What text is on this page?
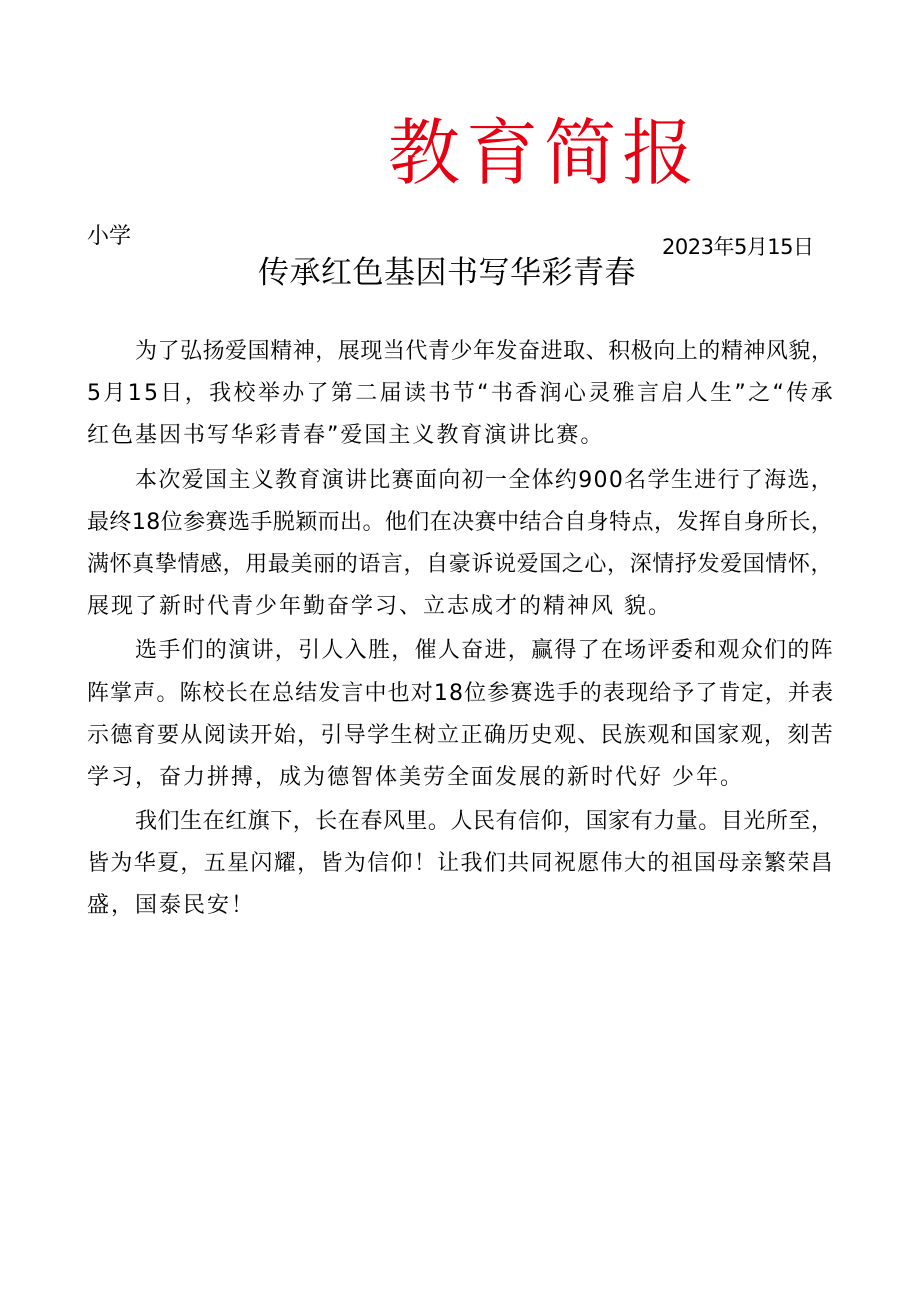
教育简报
小学	2023年5月15日
传承红色基因书写华彩青春
为 了 弘 扬 爱 国 精 神 ， 展 现 当 代 青 少 年 发 奋 进 取 、 积 极 向 上 的 精 神 风 貌 ，
5 月 1 5 日 ， 我 校 举 办 了 第 二 届 读 书 节 “ 书 香 润 心 灵 雅 言 启 人 生 ” 之 “ 传 承
红色基因书写华彩青春”爱国主义教育演讲比赛。
本 次 爱 国 主 义 教 育 演 讲 比 赛 面 向 初 一 全 体 约 9 0 0 名 学 生 进 行 了 海 选 ，
最 终 1 8 位 参 赛 选 手 脱 颖 而 出 。 他 们 在 决 赛 中 结 合 自 身 特 点 ， 发 挥 自 身 所 长 ，
满 怀 真 挚 情 感 ， 用 最 美 丽 的 语 言 ， 自 豪 诉 说 爱 国 之 心 ， 深 情 抒 发 爱 国 情 怀 ，
展现了新时代青少年勤奋学习、立志成才的精神风 貌。
选 手 们 的 演 讲 ， 引 人 入 胜 ， 催 人 奋 进 ， 赢 得 了 在 场 评 委 和 观 众 们 的 阵
阵 掌 声 。 陈 校 长 在 总 结 发 言 中 也 对 1 8 位 参 赛 选 手 的 表 现 给 予 了 肯 定 ， 并 表
示 德 育 要 从 阅 读 开 始 ， 引 导 学 生 树 立 正 确 历 史 观 、 民 族 观 和 国 家 观 ， 刻 苦
学习，奋力拼搏，成为德智体美劳全面发展的新时代好 少年。
我 们 生 在 红 旗 下 ， 长 在 春 风 里 。 人 民 有 信 仰 ， 国 家 有 力 量 。 目 光 所 至 ，
皆 为 华 夏 ， 五 星 闪 耀 ， 皆 为 信 仰 ！ 让 我 们 共 同 祝 愿 伟 大 的 祖 国 母 亲 繁 荣 昌
盛，国泰民安！
